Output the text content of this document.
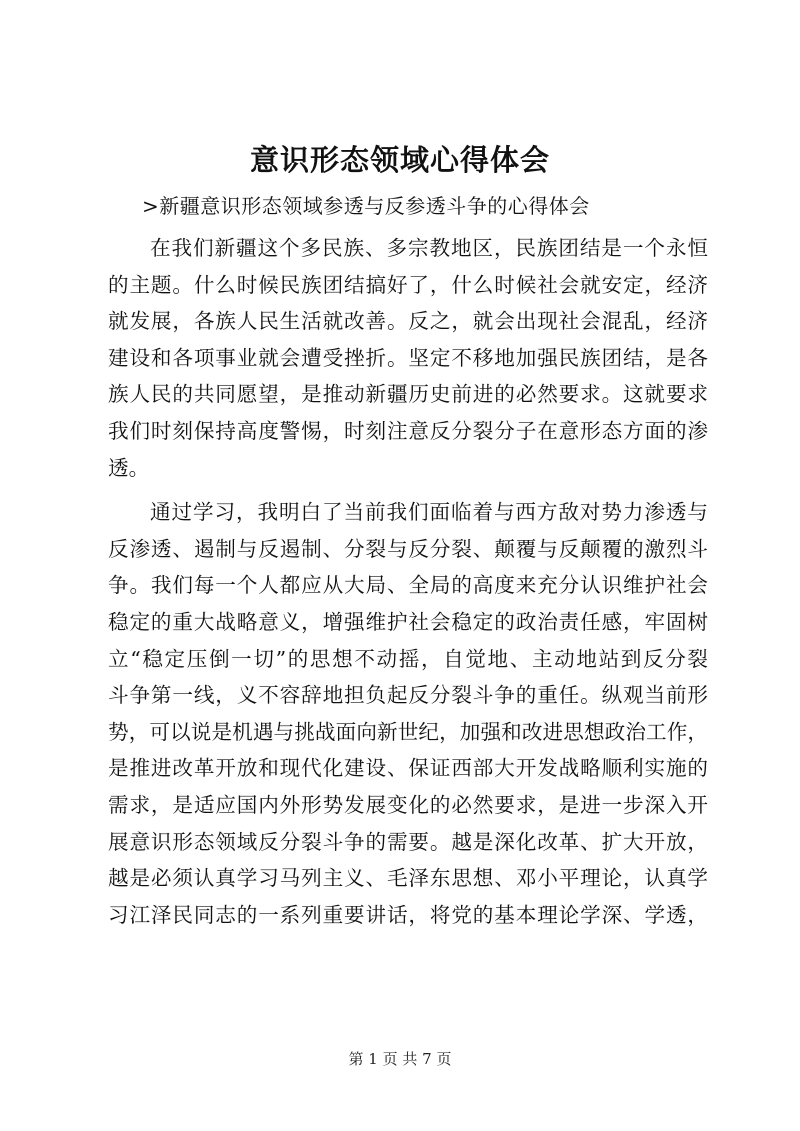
意识形态领域心得体会
>新疆意识形态领域参透与反参透斗争的心得体会
在我们新疆这个多民族、多宗教地区，民族团结是一个永恒
的主题。什么时候民族团结搞好了，什么时候社会就安定，经济
就发展，各族人民生活就改善。反之，就会出现社会混乱，经济
建设和各项事业就会遭受挫折。坚定不移地加强民族团结，是各
族人民的共同愿望，是推动新疆历史前进的必然要求。这就要求
我们时刻保持高度警惕，时刻注意反分裂分子在意形态方面的渗
透。
通过学习，我明白了当前我们面临着与西方敌对势力渗透与
反渗透、遏制与反遏制、分裂与反分裂、颠覆与反颠覆的激烈斗
争。我们每一个人都应从大局、全局的高度来充分认识维护社会
稳定的重大战略意义，增强维护社会稳定的政治责任感，牢固树
立“稳定压倒一切”的思想不动摇，自觉地、主动地站到反分裂
斗争第一线，义不容辞地担负起反分裂斗争的重任。纵观当前形
势，可以说是机遇与挑战面向新世纪，加强和改进思想政治工作，
是推进改革开放和现代化建设、保证西部大开发战略顺利实施的
需求，是适应国内外形势发展变化的必然要求，是进一步深入开
展意识形态领域反分裂斗争的需要。越是深化改革、扩大开放，
越是必须认真学习马列主义、毛泽东思想、邓小平理论，认真学
习江泽民同志的一系列重要讲话，将党的基本理论学深、学透，
第 1 页 共 7 页
